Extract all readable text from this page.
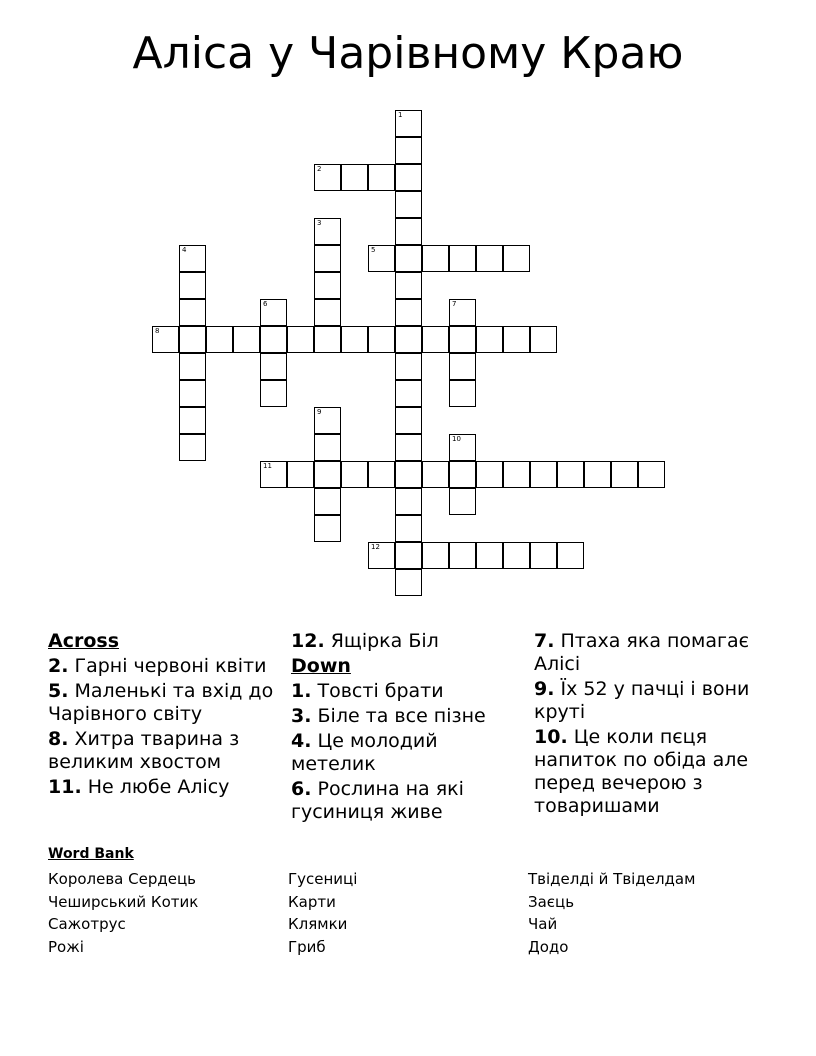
Аліса у Чарівному Краю
1
2
3
4	5
6	7
8
9
10
11
12
Across
2. Гарні червоні квіти
5. Маленькі та вхід до Чарівного світу
8. Хитра тварина з великим хвостом
11. Не любе Алісу
12. Ящірка Біл
Down
1. Товсті брати
3. Біле та все пізне
4. Це молодий метелик
6. Рослина на які гусиниця живе
7. Птаха яка помагає Алісі
9. Їх 52 у пачці і вони круті
10. Це коли пєця напиток по обіда але перед вечерою з товаришами
Word Bank
Королева Сердець
Чеширський Котик
Сажотрус
Рожі
Гусениці
Карти
Клямки
Гриб
Твіделді й Твіделдам
Заєць
Чай
Додо
